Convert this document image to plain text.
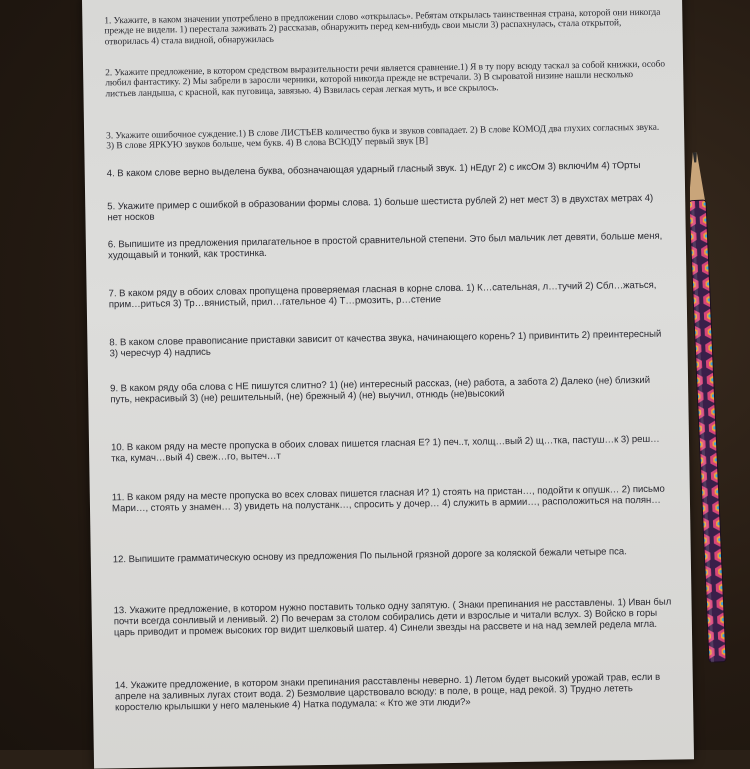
1. Укажите, в каком значении употреблено в предложении слово «открылась». Ребятам открылась таинственная страна, которой они никогда прежде не видели. 1) перестала заживать 2) рассказав, обнаружить перед кем-нибудь свои мысли 3) распахнулась, стала открытой, отворилась 4) стала видной, обнаружилась

2. Укажите предложение, в котором средством выразительности речи является сравнение.1) Я в ту пору всюду таскал за собой книжки, особо любил фантастику. 2) Мы забрели в заросли черники, которой никогда прежде не встречали. 3) В сыроватой низине нашли несколько листьев ландыша, с красной, как пуговица, завязью. 4) Взвилась серая легкая муть, и все скрылось.

3. Укажите ошибочное суждение.1) В слове ЛИСТЬЕВ количество букв и звуков совпадает. 2) В слове КОМОД два глухих согласных звука. 3) В слове ЯРКУЮ звуков больше, чем букв. 4) В слова ВСЮДУ первый звук [В]

4. В каком слове верно выделена буква, обозначающая ударный гласный звук. 1) нЕдуг 2) с иксОм 3) включИм 4) тОрты

5. Укажите пример с ошибкой в образовании формы слова. 1) больше шестиста рублей 2) нет мест 3) в двухстах метрах 4) нет носков

6. Выпишите из предложения прилагательное в простой сравнительной степени. Это был мальчик лет девяти, больше меня, худощавый и тонкий, как тростинка.

7. В каком ряду в обоих словах пропущена проверяемая гласная в корне слова. 1) К…сательная, л…тучий 2) Сбл…жаться, прим…риться 3) Тр…вянистый, прил…гательное 4) Т…рмозить, р…стение

8. В каком слове правописание приставки зависит от качества звука, начинающего корень? 1) привинтить 2) преинтересный 3) чересчур 4) надпись

9. В каком ряду оба слова с НЕ пишутся слитно? 1) (не) интересный рассказ, (не) работа, а забота 2) Далеко (не) близкий путь, некрасивый 3) (не) решительный, (не) брежный 4) (не) выучил, отнюдь (не)высокий

10. В каком ряду на месте пропуска в обоих словах пишется гласная Е? 1) печ..т, холщ…вый 2) щ…тка, пастуш…к 3) реш…тка, кумач…вый 4) свеж…го, вытеч…т

11. В каком ряду на месте пропуска во всех словах пишется гласная И? 1) стоять на пристан…, подойти к опушк… 2) письмо Мари…, стоять у знамен… 3) увидеть на полустанк…, спросить у дочер… 4) служить в армии…, расположиться на полян…

12. Выпишите грамматическую основу из предложения По пыльной грязной дороге за коляской бежали четыре пса.

13. Укажите предложение, в котором нужно поставить только одну запятую. ( Знаки препинания не расставлены. 1) Иван был почти всегда сонливый и ленивый. 2) По вечерам за столом собирались дети и взрослые и читали вслух. 3) Войско в горы царь приводит и промеж высоких гор видит шелковый шатер. 4) Синели звезды на рассвете и на над землей редела мгла.

14. Укажите предложение, в котором знаки препинания расставлены неверно. 1) Летом будет высокий урожай трав, если в апреле на заливных лугах стоит вода. 2) Безмолвие царствовало всюду: в поле, в роще, над рекой. 3) Трудно лететь коростелю крылышки у него маленькие 4) Натка подумала: « Кто же эти люди?»
